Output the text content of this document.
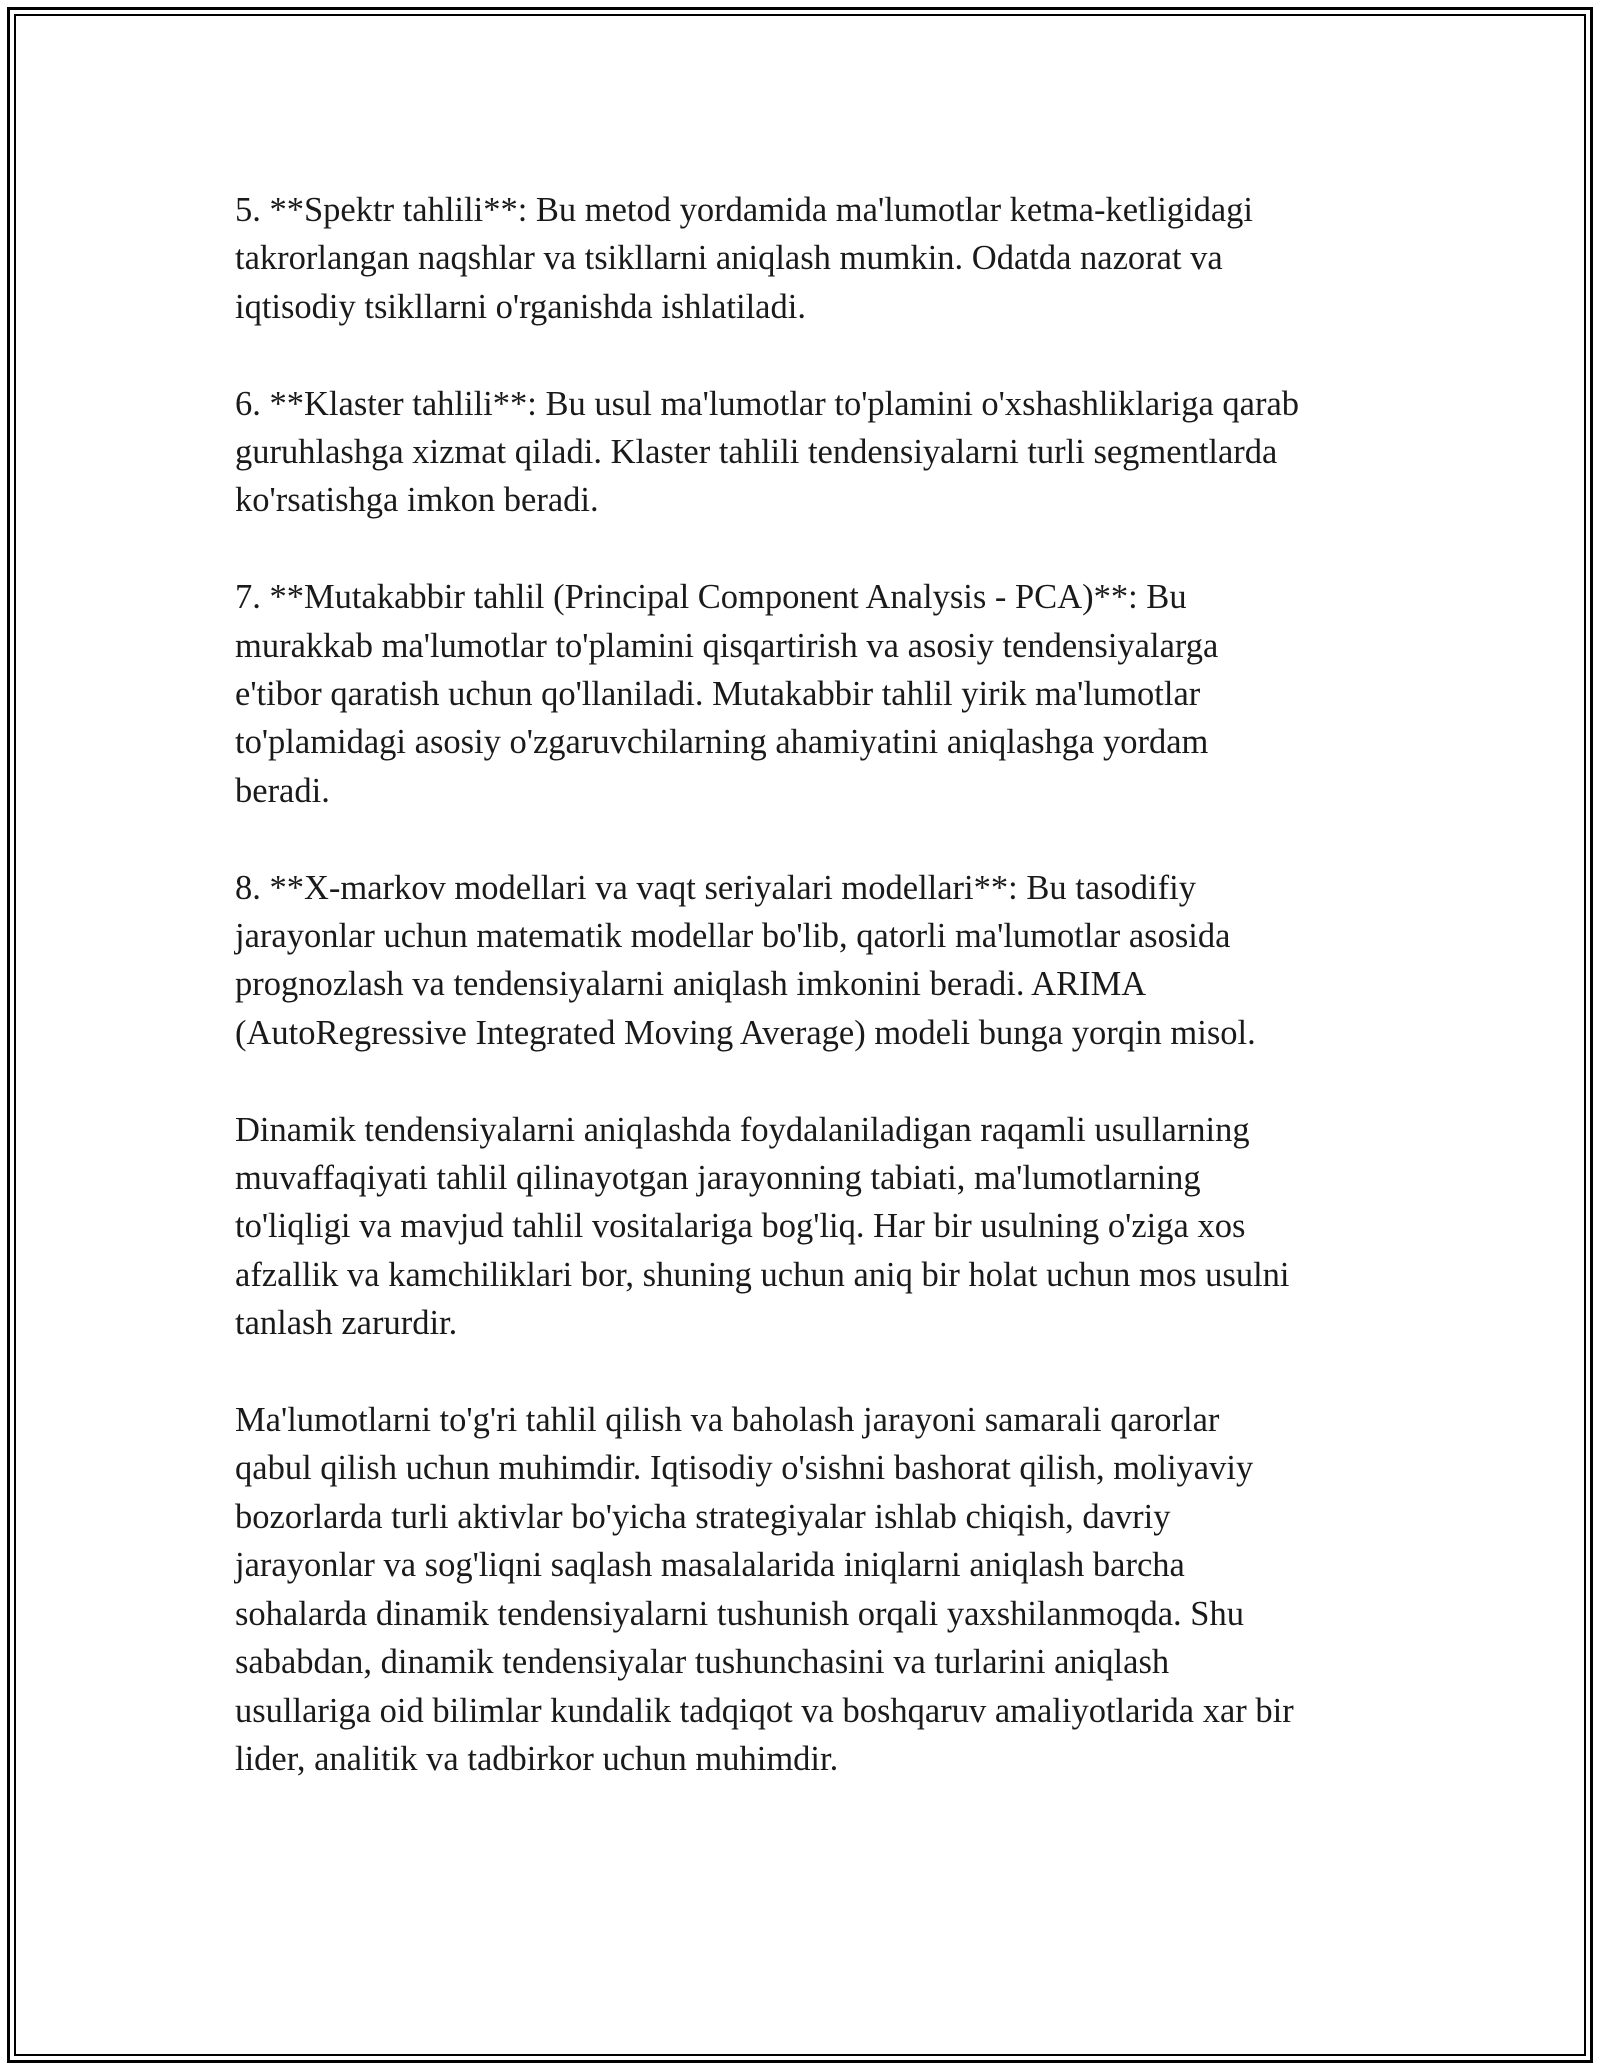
5. **Spektr tahlili**: Bu metod yordamida ma'lumotlar ketma-ketligidagi
takrorlangan naqshlar va tsikllarni aniqlash mumkin. Odatda nazorat va
iqtisodiy tsikllarni o'rganishda ishlatiladi.

6. **Klaster tahlili**: Bu usul ma'lumotlar to'plamini o'xshashliklariga qarab
guruhlashga xizmat qiladi. Klaster tahlili tendensiyalarni turli segmentlarda
ko'rsatishga imkon beradi.

7. **Mutakabbir tahlil (Principal Component Analysis - PCA)**: Bu
murakkab ma'lumotlar to'plamini qisqartirish va asosiy tendensiyalarga
e'tibor qaratish uchun qo'llaniladi. Mutakabbir tahlil yirik ma'lumotlar
to'plamidagi asosiy o'zgaruvchilarning ahamiyatini aniqlashga yordam
beradi.

8. **X-markov modellari va vaqt seriyalari modellari**: Bu tasodifiy
jarayonlar uchun matematik modellar bo'lib, qatorli ma'lumotlar asosida
prognozlash va tendensiyalarni aniqlash imkonini beradi. ARIMA
(AutoRegressive Integrated Moving Average) modeli bunga yorqin misol.

Dinamik tendensiyalarni aniqlashda foydalaniladigan raqamli usullarning
muvaffaqiyati tahlil qilinayotgan jarayonning tabiati, ma'lumotlarning
to'liqligi va mavjud tahlil vositalariga bog'liq. Har bir usulning o'ziga xos
afzallik va kamchiliklari bor, shuning uchun aniq bir holat uchun mos usulni
tanlash zarurdir.

Ma'lumotlarni to'g'ri tahlil qilish va baholash jarayoni samarali qarorlar
qabul qilish uchun muhimdir. Iqtisodiy o'sishni bashorat qilish, moliyaviy
bozorlarda turli aktivlar bo'yicha strategiyalar ishlab chiqish, davriy
jarayonlar va sog'liqni saqlash masalalarida iniqlarni aniqlash barcha
sohalarda dinamik tendensiyalarni tushunish orqali yaxshilanmoqda. Shu
sababdan, dinamik tendensiyalar tushunchasini va turlarini aniqlash
usullariga oid bilimlar kundalik tadqiqot va boshqaruv amaliyotlarida xar bir
lider, analitik va tadbirkor uchun muhimdir.
